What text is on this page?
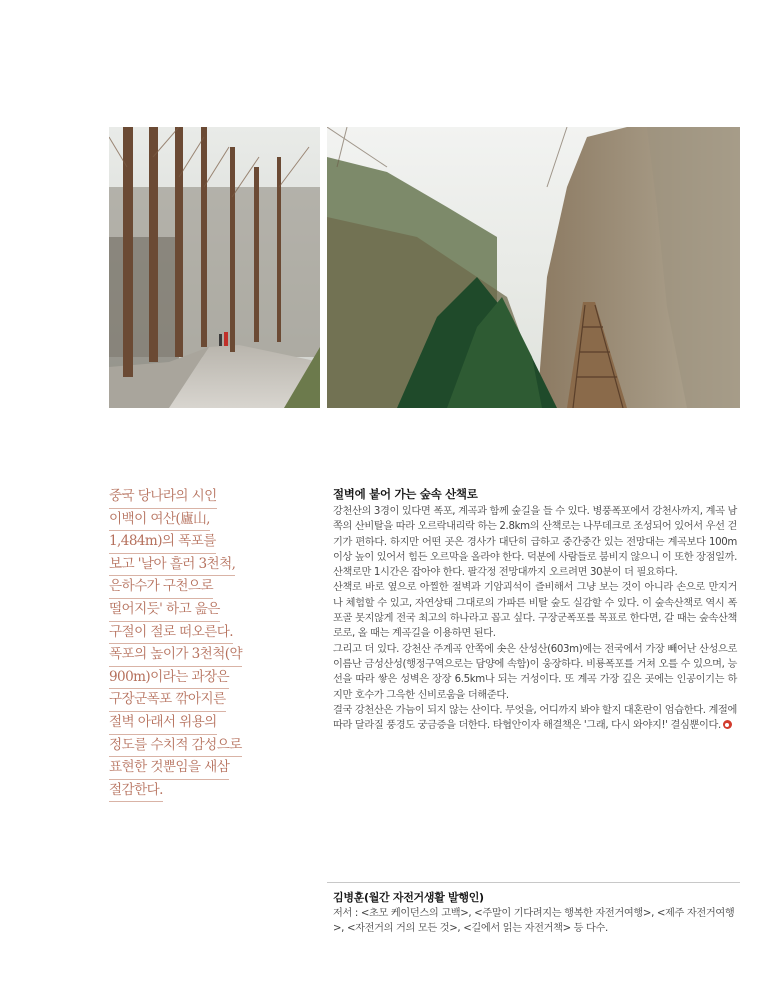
중국 당나라의 시인
이백이 여산(廬山,
1,484m)의 폭포를
보고 '날아 흘러 3천척,
은하수가 구천으로
떨어지듯' 하고 읊은
구절이 절로 떠오른다.
폭포의 높이가 3천척(약
900m)이라는 과장은
구장군폭포 깎아지른
절벽 아래서 위용의
정도를 수치적 감성으로
표현한 것뿐임을 새삼
절감한다.
절벽에 붙어 가는 숲속 산책로

강천산의 3경이 있다면 폭포, 계곡과 함께 숲길을 들 수 있다. 병풍폭포에서 강천사까지, 계곡 남쪽의 산비탈을 따라 오르락내리락 하는 2.8km의 산책로는 나무데크로 조성되어 있어서 우선 걷기가 편하다. 하지만 어떤 곳은 경사가 대단히 급하고 중간중간 있는 전망대는 계곡보다 100m 이상 높이 있어서 힘든 오르막을 올라야 한다. 덕분에 사람들로 붐비지 않으니 이 또한 장점일까. 산책로만 1시간은 잡아야 한다. 팔각정 전망대까지 오르려면 30분이 더 필요하다.

산책로 바로 옆으로 아찔한 절벽과 기암괴석이 즐비해서 그냥 보는 것이 아니라 손으로 만지거나 체험할 수 있고, 자연상태 그대로의 가파른 비탈 숲도 실감할 수 있다. 이 숲속산책로 역시 폭포골 못지않게 전국 최고의 하나라고 꼽고 싶다. 구장군폭포를 목표로 한다면, 갈 때는 숲속산책로로, 올 때는 계곡길을 이용하면 된다.

그리고 더 있다. 강천산 주계곡 안쪽에 솟은 산성산(603m)에는 전국에서 가장 빼어난 산성으로 이름난 금성산성(행정구역으로는 담양에 속함)이 웅장하다. 비룡폭포를 거쳐 오를 수 있으며, 능선을 따라 쌓은 성벽은 장장 6.5km나 되는 거성이다. 또 계곡 가장 깊은 곳에는 인공이기는 하지만 호수가 그윽한 신비로움을 더해준다.

결국 강천산은 가늠이 되지 않는 산이다. 무엇을, 어디까지 봐야 할지 대혼란이 엄습한다. 계절에 따라 달라질 풍경도 궁금증을 더한다. 타협안이자 해결책은 '그래, 다시 와야지!' 결심뿐이다.

김병훈(월간 자전거생활 발행인)

저서 : <초모 케이던스의 고백>, <주말이 기다려지는 행복한 자전거여행>, <제주 자전거여행>, <자전거의 거의 모든 것>, <길에서 읽는 자전거책> 등 다수.
